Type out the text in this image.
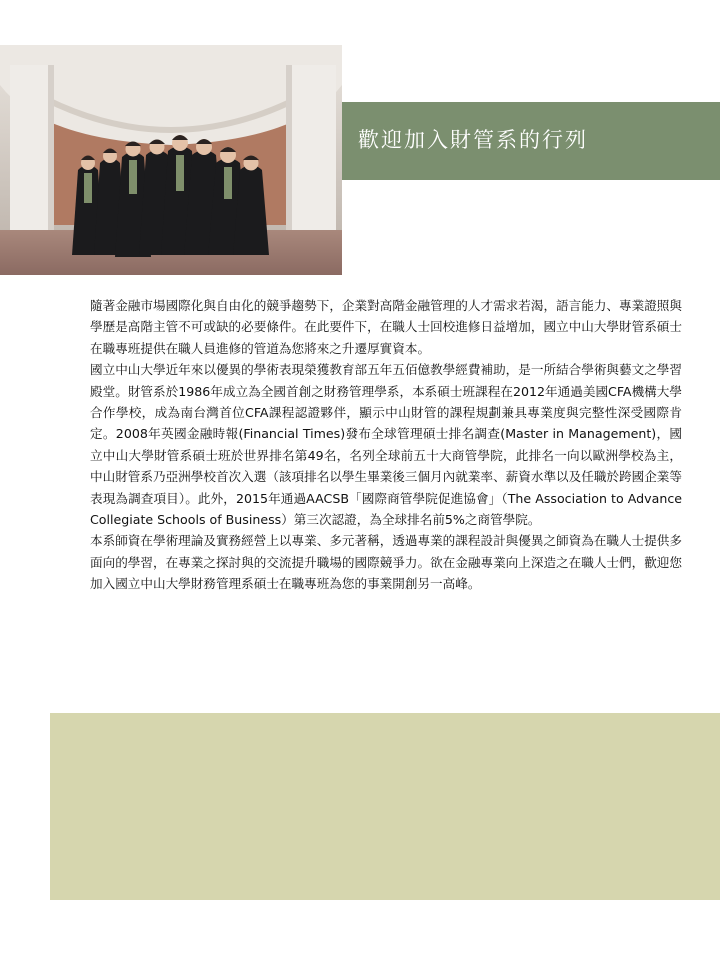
歡迎加入財管系的行列

隨著金融市場國際化與自由化的競爭趨勢下，企業對高階金融管理的人才需求若渴，語言能力、專業證照與學歷是高階主管不可或缺的必要條件。在此要件下，在職人士回校進修日益增加，國立中山大學財管系碩士在職專班提供在職人員進修的管道為您將來之升遷厚實資本。

國立中山大學近年來以優異的學術表現榮獲教育部五年五佰億教學經費補助，是一所結合學術與藝文之學習殿堂。財管系於1986年成立為全國首創之財務管理學系，本系碩士班課程在2012年通過美國CFA機構大學合作學校，成為南台灣首位CFA課程認證夥伴，顯示中山財管的課程規劃兼具專業度與完整性深受國際肯定。2008年英國金融時報(Financial Times)發布全球管理碩士排名調查(Master in Management)，國立中山大學財管系碩士班於世界排名第49名，名列全球前五十大商管學院，此排名一向以歐洲學校為主，中山財管系乃亞洲學校首次入選（該項排名以學生畢業後三個月內就業率、薪資水準以及任職於跨國企業等表現為調查項目）。此外，2015年通過AACSB「國際商管學院促進協會」（The Association to Advance Collegiate Schools of Business）第三次認證，為全球排名前5%之商管學院。

本系師資在學術理論及實務經營上以專業、多元著稱，透過專業的課程設計與優異之師資為在職人士提供多面向的學習，在專業之探討與的交流提升職場的國際競爭力。欲在金融專業向上深造之在職人士們，歡迎您加入國立中山大學財務管理系碩士在職專班為您的事業開創另一高峰。
